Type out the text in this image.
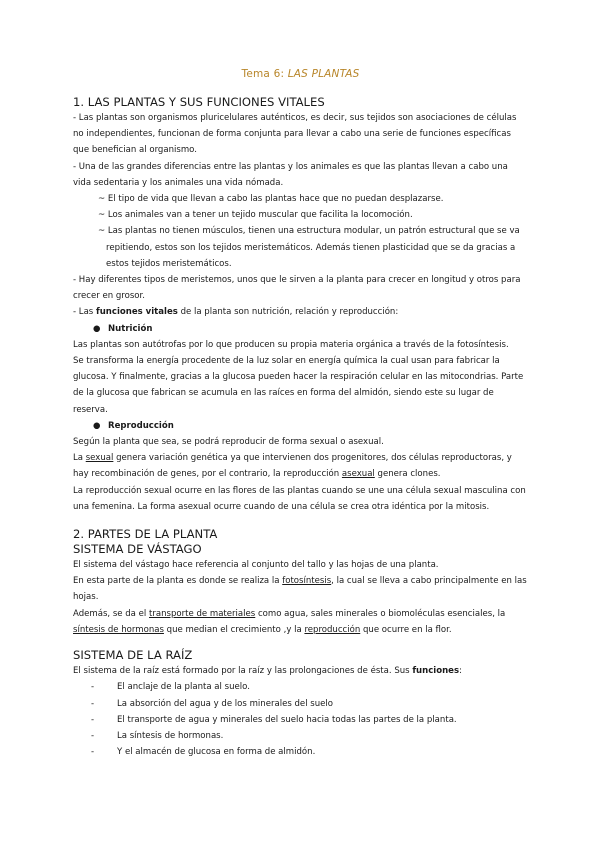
Tema 6: LAS PLANTAS
1. LAS PLANTAS Y SUS FUNCIONES VITALES

- Las plantas son organismos pluricelulares auténticos, es decir, sus tejidos son asociaciones de células no independientes, funcionan de forma conjunta para llevar a cabo una serie de funciones específicas que benefician al organismo.

- Una de las grandes diferencias entre las plantas y los animales es que las plantas llevan a cabo una vida sedentaria y los animales una vida nómada.

~ El tipo de vida que llevan a cabo las plantas hace que no puedan desplazarse.

~ Los animales van a tener un tejido muscular que facilita la locomoción.

~ Las plantas no tienen músculos, tienen una estructura modular, un patrón estructural que se va repitiendo, estos son los tejidos meristemáticos. Además tienen plasticidad que se da gracias a estos tejidos meristemáticos.

- Hay diferentes tipos de meristemos, unos que le sirven a la planta para crecer en longitud y otros para crecer en grosor.

- Las funciones vitales de la planta son nutrición, relación y reproducción:

● Nutrición

Las plantas son autótrofas por lo que producen su propia materia orgánica a través de la fotosíntesis.

Se transforma la energía procedente de la luz solar en energía química la cual usan para fabricar la glucosa. Y finalmente, gracias a la glucosa pueden hacer la respiración celular en las mitocondrias. Parte de la glucosa que fabrican se acumula en las raíces en forma del almidón, siendo este su lugar de reserva.

● Reproducción

Según la planta que sea, se podrá reproducir de forma sexual o asexual.

La sexual genera variación genética ya que intervienen dos progenitores, dos células reproductoras, y hay recombinación de genes, por el contrario, la reproducción asexual genera clones.

La reproducción sexual ocurre en las flores de las plantas cuando se une una célula sexual masculina con una femenina. La forma asexual ocurre cuando de una célula se crea otra idéntica por la mitosis.

2. PARTES DE LA PLANTA
SISTEMA DE VÁSTAGO

El sistema del vástago hace referencia al conjunto del tallo y las hojas de una planta.

En esta parte de la planta es donde se realiza la fotosíntesis, la cual se lleva a cabo principalmente en las hojas.

Además, se da el transporte de materiales como agua, sales minerales o biomoléculas esenciales, la síntesis de hormonas que median el crecimiento ,y la reproducción que ocurre en la flor.

SISTEMA DE LA RAÍZ

El sistema de la raíz está formado por la raíz y las prolongaciones de ésta. Sus funciones:

-	El anclaje de la planta al suelo.
-	La absorción del agua y de los minerales del suelo
-	El transporte de agua y minerales del suelo hacia todas las partes de la planta.
-	La síntesis de hormonas.
-	Y el almacén de glucosa en forma de almidón.
